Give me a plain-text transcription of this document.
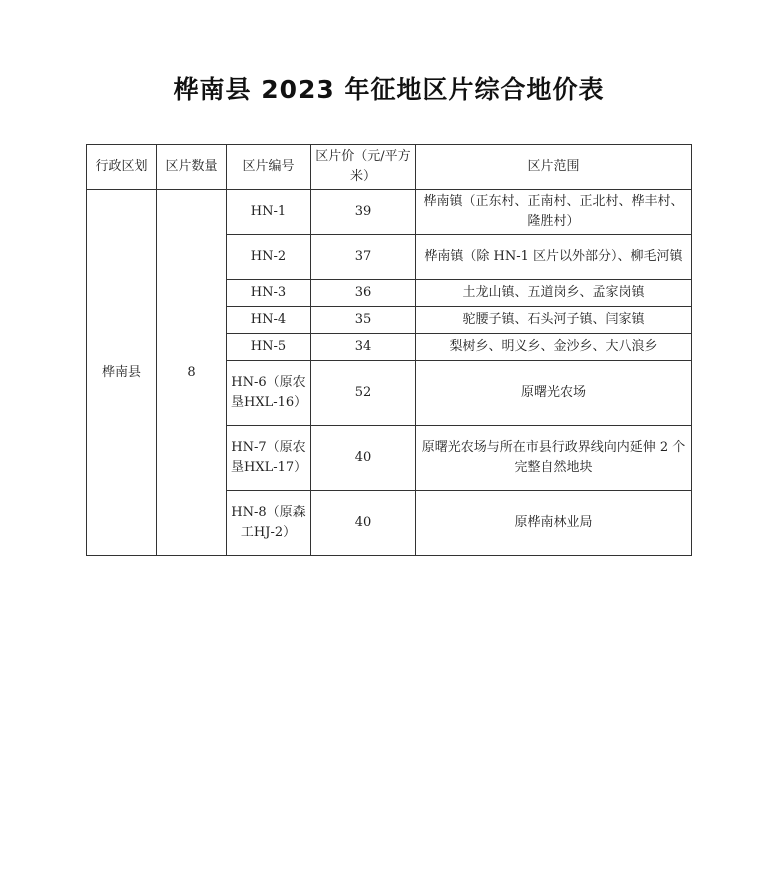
桦南县 2023 年征地区片综合地价表
行政区划	区片数量	区片编号	区片价（元/平方米）	区片范围
桦南县	8	HN-1	39	桦南镇（正东村、正南村、正北村、桦丰村、隆胜村）
		HN-2	37	桦南镇（除 HN-1 区片以外部分）、柳毛河镇
		HN-3	36	土龙山镇、五道岗乡、孟家岗镇
		HN-4	35	驼腰子镇、石头河子镇、闫家镇
		HN-5	34	梨树乡、明义乡、金沙乡、大八浪乡
		HN-6（原农垦HXL-16）	52	原曙光农场
		HN-7（原农垦HXL-17）	40	原曙光农场与所在市县行政界线向内延伸 2 个完整自然地块
		HN-8（原森工HJ-2）	40	原桦南林业局
